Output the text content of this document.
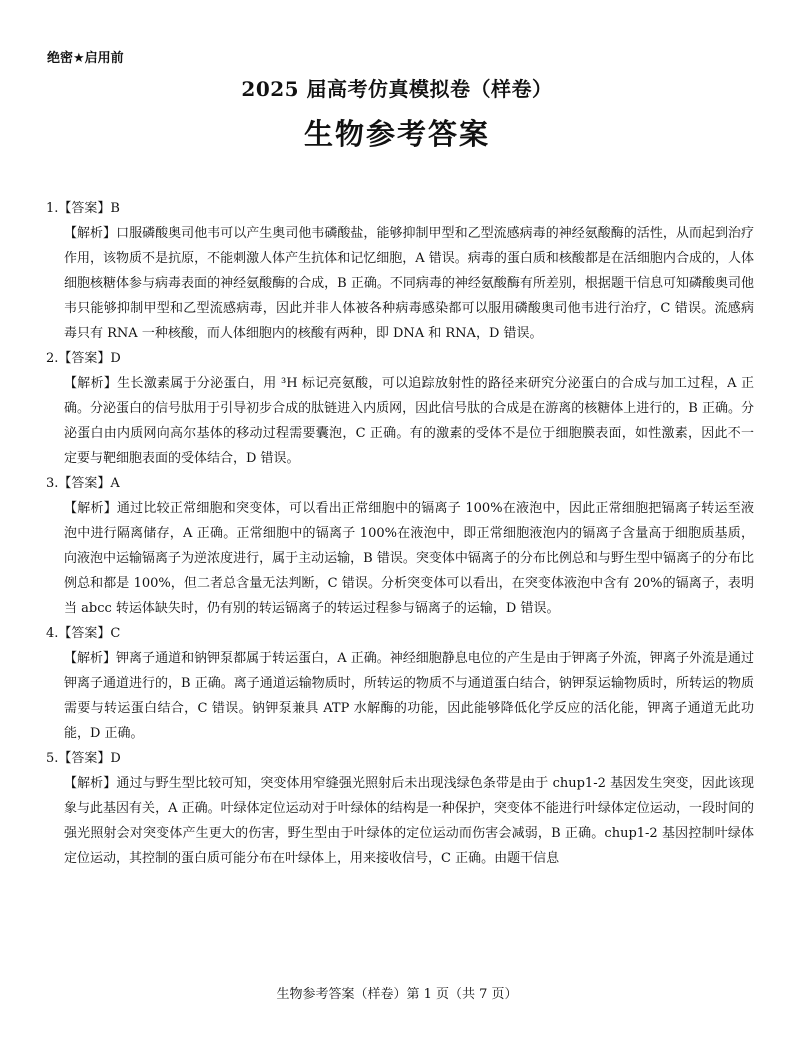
绝密★启用前
2025 届高考仿真模拟卷（样卷）
生物参考答案
1.【答案】B

【解析】口服磷酸奥司他韦可以产生奥司他韦磷酸盐，能够抑制甲型和乙型流感病毒的神经氨酸酶的活性，从而起到治疗作用，该物质不是抗原，不能刺激人体产生抗体和记忆细胞，A 错误。病毒的蛋白质和核酸都是在活细胞内合成的，人体细胞核糖体参与病毒表面的神经氨酸酶的合成，B 正确。不同病毒的神经氨酸酶有所差别，根据题干信息可知磷酸奥司他韦只能够抑制甲型和乙型流感病毒，因此并非人体被各种病毒感染都可以服用磷酸奥司他韦进行治疗，C 错误。流感病毒只有 RNA 一种核酸，而人体细胞内的核酸有两种，即 DNA 和 RNA，D 错误。

2.【答案】D

【解析】生长激素属于分泌蛋白，用 ³H 标记亮氨酸，可以追踪放射性的路径来研究分泌蛋白的合成与加工过程，A 正确。分泌蛋白的信号肽用于引导初步合成的肽链进入内质网，因此信号肽的合成是在游离的核糖体上进行的，B 正确。分泌蛋白由内质网向高尔基体的移动过程需要囊泡，C 正确。有的激素的受体不是位于细胞膜表面，如性激素，因此不一定要与靶细胞表面的受体结合，D 错误。

3.【答案】A

【解析】通过比较正常细胞和突变体，可以看出正常细胞中的镉离子 100%在液泡中，因此正常细胞把镉离子转运至液泡中进行隔离储存，A 正确。正常细胞中的镉离子 100%在液泡中，即正常细胞液泡内的镉离子含量高于细胞质基质，向液泡中运输镉离子为逆浓度进行，属于主动运输，B 错误。突变体中镉离子的分布比例总和与野生型中镉离子的分布比例总和都是 100%，但二者总含量无法判断，C 错误。分析突变体可以看出，在突变体液泡中含有 20%的镉离子，表明当 abcc 转运体缺失时，仍有别的转运镉离子的转运过程参与镉离子的运输，D 错误。

4.【答案】C

【解析】钾离子通道和钠钾泵都属于转运蛋白，A 正确。神经细胞静息电位的产生是由于钾离子外流，钾离子外流是通过钾离子通道进行的，B 正确。离子通道运输物质时，所转运的物质不与通道蛋白结合，钠钾泵运输物质时，所转运的物质需要与转运蛋白结合，C 错误。钠钾泵兼具 ATP 水解酶的功能，因此能够降低化学反应的活化能，钾离子通道无此功能，D 正确。

5.【答案】D

【解析】通过与野生型比较可知，突变体用窄缝强光照射后未出现浅绿色条带是由于 chup1-2 基因发生突变，因此该现象与此基因有关，A 正确。叶绿体定位运动对于叶绿体的结构是一种保护，突变体不能进行叶绿体定位运动，一段时间的强光照射会对突变体产生更大的伤害，野生型由于叶绿体的定位运动而伤害会减弱，B 正确。chup1-2 基因控制叶绿体定位运动，其控制的蛋白质可能分布在叶绿体上，用来接收信号，C 正确。由题干信息

生物参考答案（样卷）第 1 页（共 7 页）
